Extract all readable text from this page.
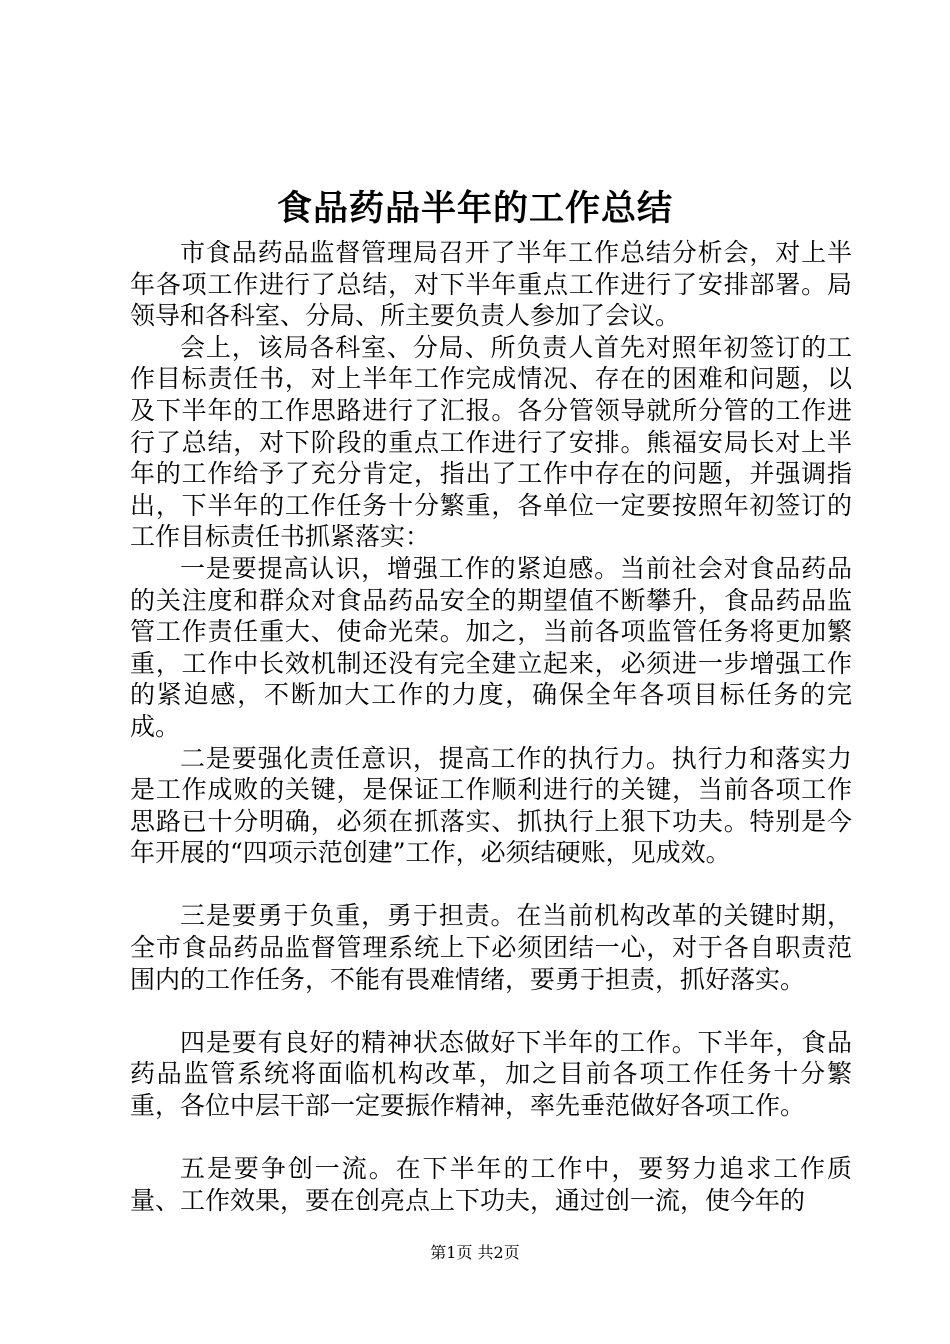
食品药品半年的工作总结

市食品药品监督管理局召开了半年工作总结分析会，对上半年各项工作进行了总结，对下半年重点工作进行了安排部署。局领导和各科室、分局、所主要负责人参加了会议。

会上，该局各科室、分局、所负责人首先对照年初签订的工作目标责任书，对上半年工作完成情况、存在的困难和问题，以及下半年的工作思路进行了汇报。各分管领导就所分管的工作进行了总结，对下阶段的重点工作进行了安排。熊福安局长对上半年的工作给予了充分肯定，指出了工作中存在的问题，并强调指出，下半年的工作任务十分繁重，各单位一定要按照年初签订的工作目标责任书抓紧落实：

一是要提高认识，增强工作的紧迫感。当前社会对食品药品的关注度和群众对食品药品安全的期望值不断攀升，食品药品监管工作责任重大、使命光荣。加之，当前各项监管任务将更加繁重，工作中长效机制还没有完全建立起来，必须进一步增强工作的紧迫感，不断加大工作的力度，确保全年各项目标任务的完成。

二是要强化责任意识，提高工作的执行力。执行力和落实力是工作成败的关键，是保证工作顺利进行的关键，当前各项工作思路已十分明确，必须在抓落实、抓执行上狠下功夫。特别是今年开展的“四项示范创建”工作，必须结硬账，见成效。

三是要勇于负重，勇于担责。在当前机构改革的关键时期，全市食品药品监督管理系统上下必须团结一心，对于各自职责范围内的工作任务，不能有畏难情绪，要勇于担责，抓好落实。

四是要有良好的精神状态做好下半年的工作。下半年，食品药品监管系统将面临机构改革，加之目前各项工作任务十分繁重，各位中层干部一定要振作精神，率先垂范做好各项工作。

五是要争创一流。在下半年的工作中，要努力追求工作质量、工作效果，要在创亮点上下功夫，通过创一流，使今年的

第1页 共2页
